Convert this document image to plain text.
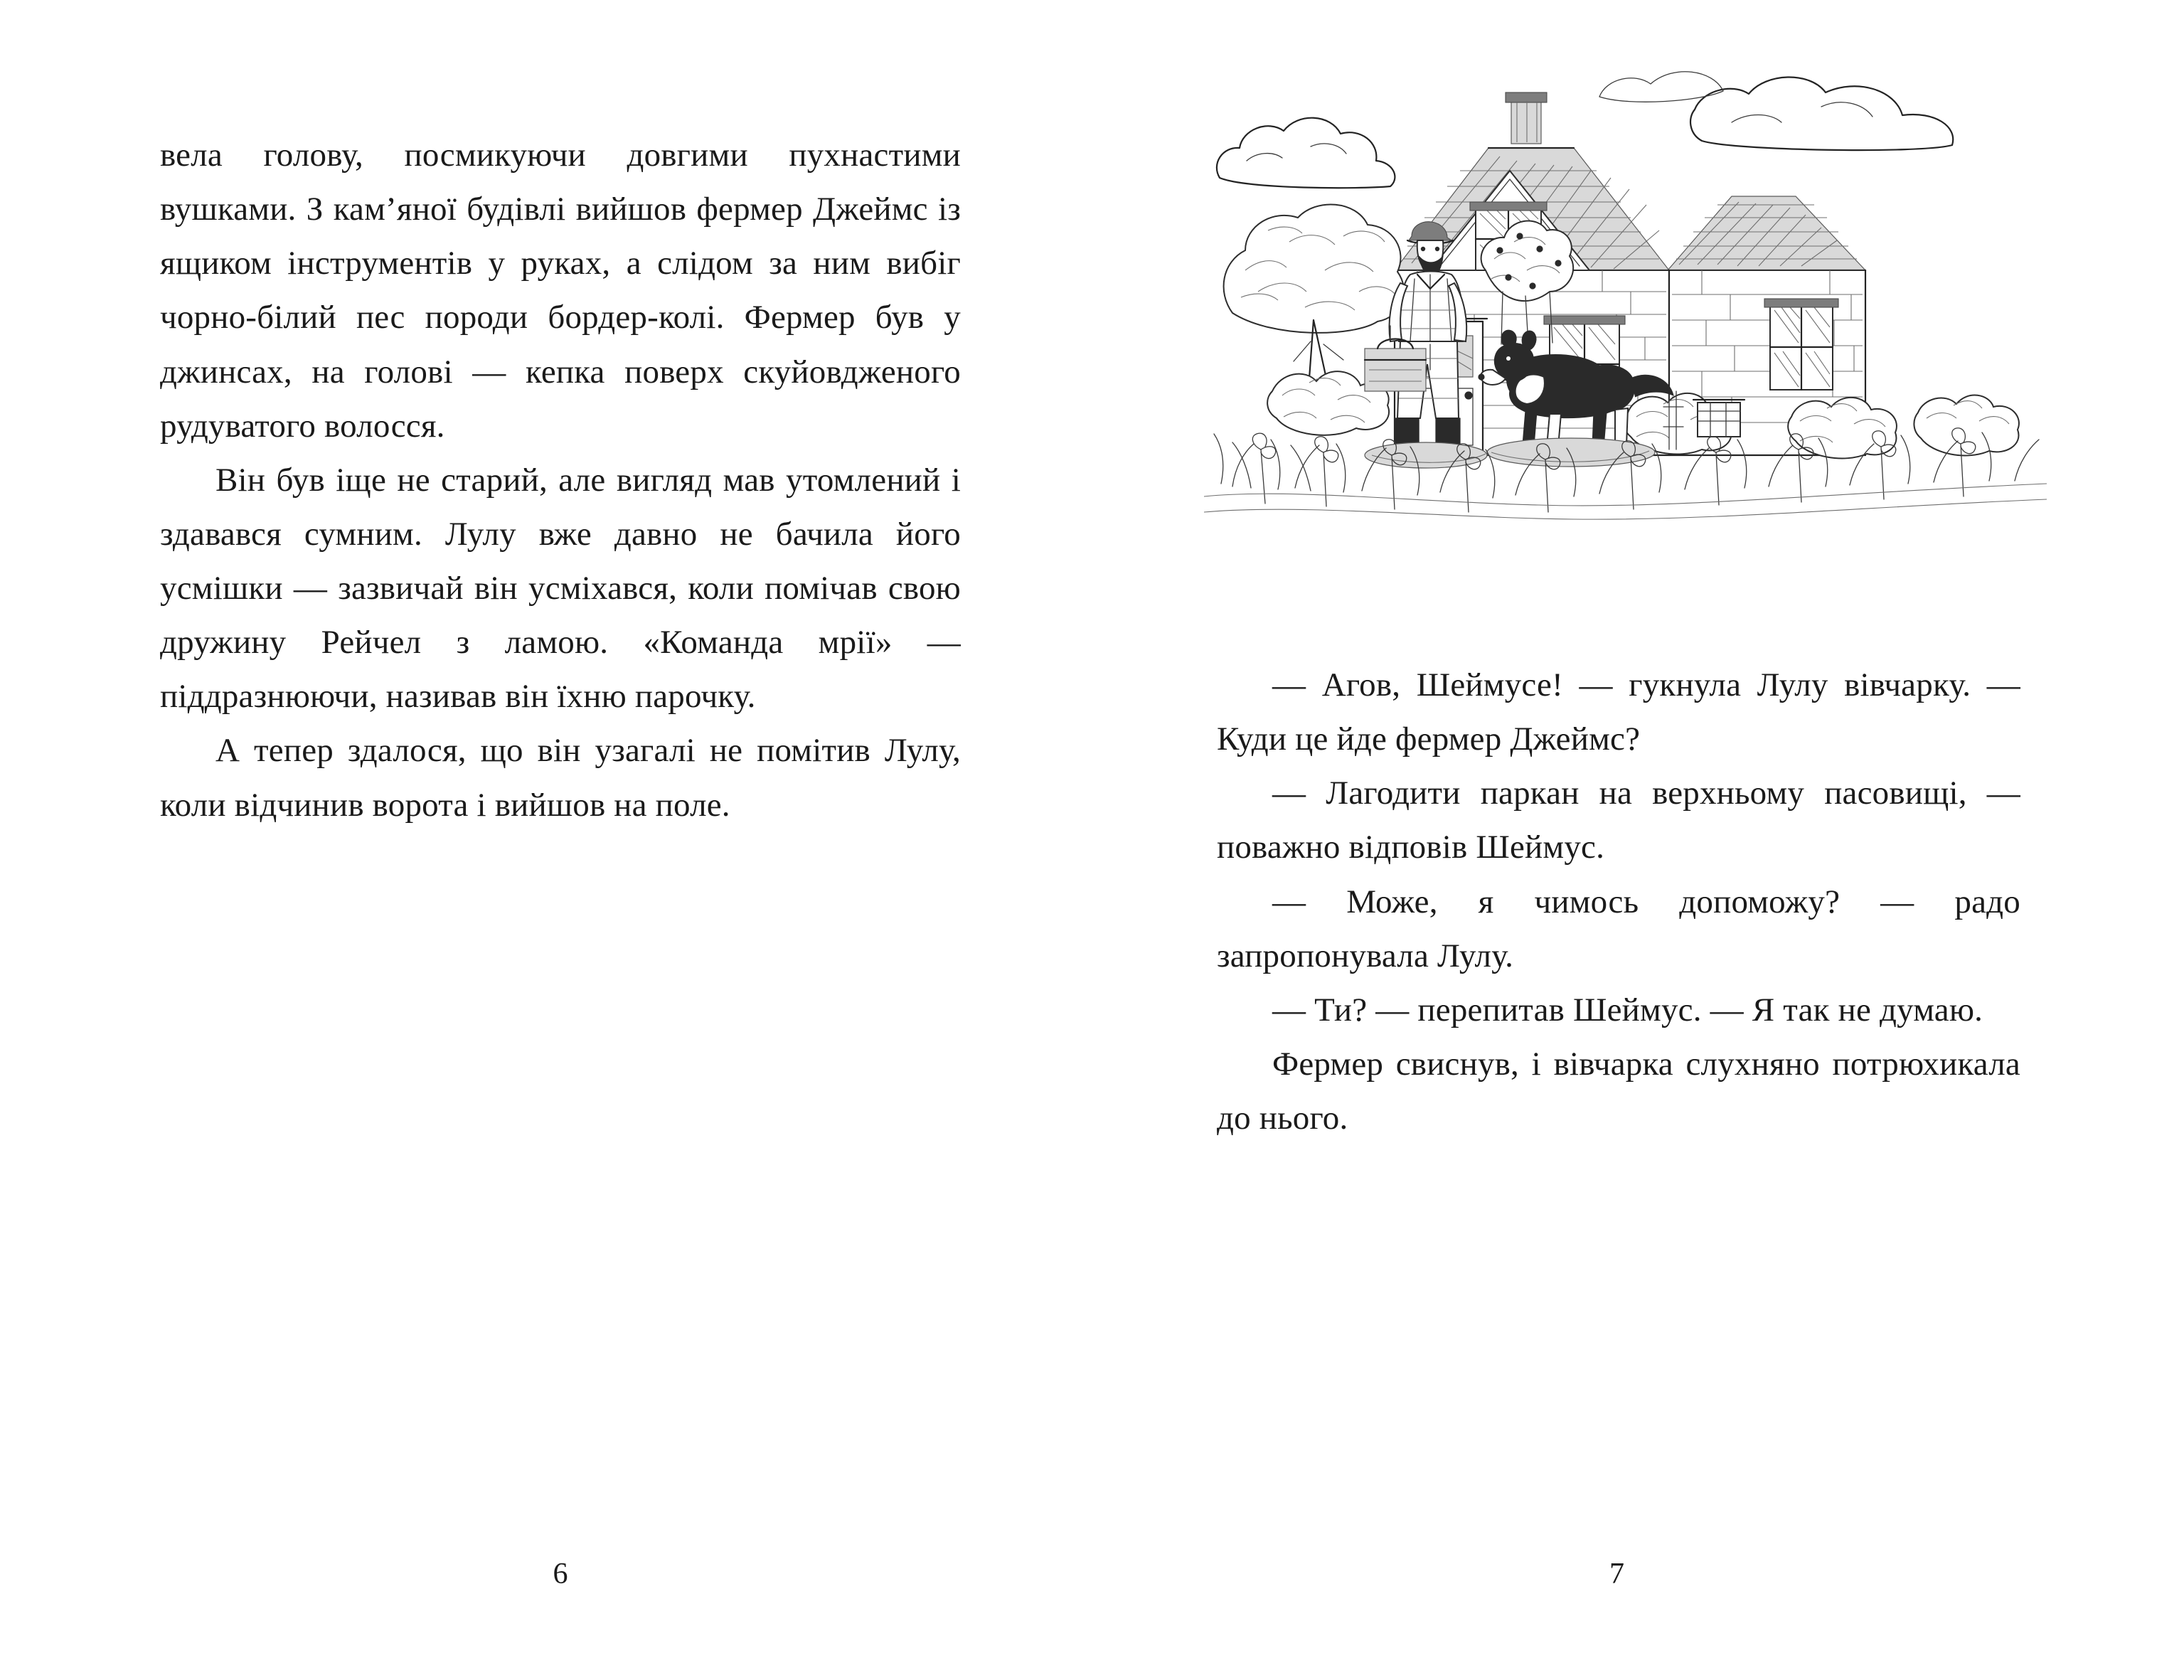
вела голову, посмикуючи довгими пухнастими вушками. З кам’яної будівлі вийшов фермер Джеймс із ящиком інструментів у руках, а слідом за ним вибіг чорно-білий пес породи бордер-колі. Фермер був у джинсах, на голові — кепка поверх скуйовдженого рудуватого волосся.

Він був іще не старий, але вигляд мав утомлений і здавався сумним. Лулу вже давно не бачила його усмішки — зазвичай він усміхався, коли помічав свою дружину Рейчел з ламою. «Команда мрії» — піддразнюючи, називав він їхню парочку.

А тепер здалося, що він узагалі не помітив Лулу, коли відчинив ворота і вийшов на поле.

6

— Агов, Шеймусе! — гукнула Лулу вівчарку. — Куди це йде фермер Джеймс?

— Лагодити паркан на верхньому пасовищі, — поважно відповів Шеймус.

— Може, я чимось допоможу? — радо запропонувала Лулу.

— Ти? — перепитав Шеймус. — Я так не думаю.

Фермер свиснув, і вівчарка слухняно потрюхикала до нього.

7
